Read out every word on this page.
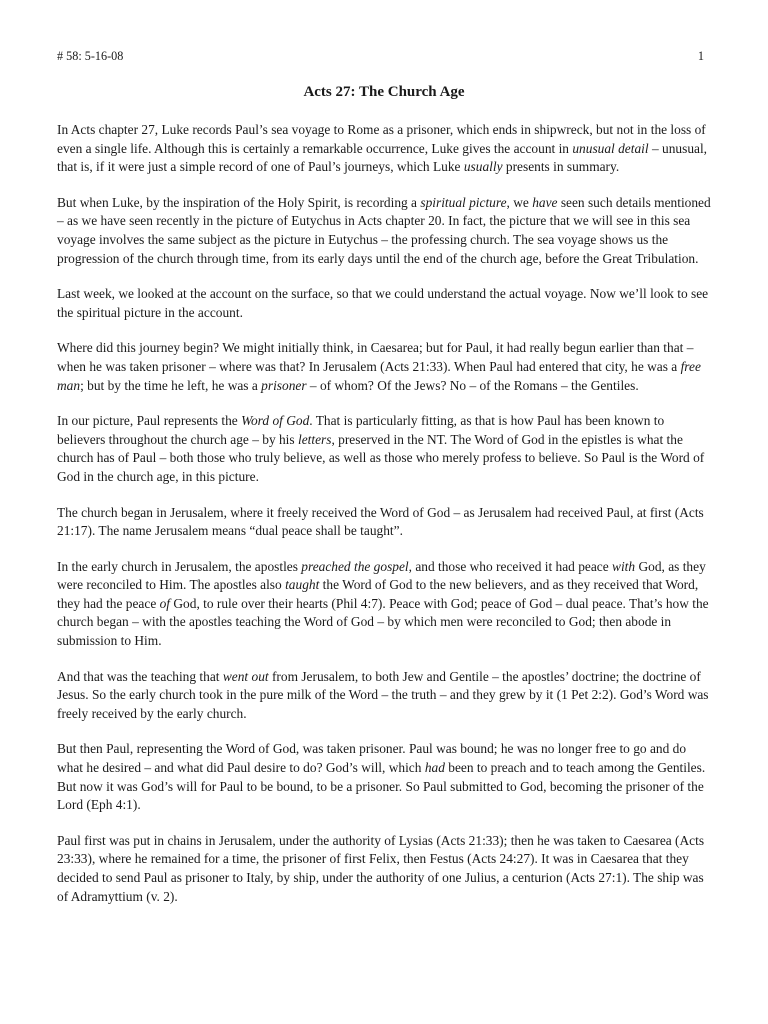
# 58: 5-16-08	1
Acts 27: The Church Age

In Acts chapter 27, Luke records Paul’s sea voyage to Rome as a prisoner, which ends in shipwreck, but not in the loss of even a single life. Although this is certainly a remarkable occurrence, Luke gives the account in unusual detail – unusual, that is, if it were just a simple record of one of Paul’s journeys, which Luke usually presents in summary.

But when Luke, by the inspiration of the Holy Spirit, is recording a spiritual picture, we have seen such details mentioned – as we have seen recently in the picture of Eutychus in Acts chapter 20. In fact, the picture that we will see in this sea voyage involves the same subject as the picture in Eutychus – the professing church. The sea voyage shows us the progression of the church through time, from its early days until the end of the church age, before the Great Tribulation.

Last week, we looked at the account on the surface, so that we could understand the actual voyage. Now we’ll look to see the spiritual picture in the account.

Where did this journey begin? We might initially think, in Caesarea; but for Paul, it had really begun earlier than that – when he was taken prisoner – where was that? In Jerusalem (Acts 21:33). When Paul had entered that city, he was a free man; but by the time he left, he was a prisoner – of whom? Of the Jews? No – of the Romans – the Gentiles.

In our picture, Paul represents the Word of God. That is particularly fitting, as that is how Paul has been known to believers throughout the church age – by his letters, preserved in the NT. The Word of God in the epistles is what the church has of Paul – both those who truly believe, as well as those who merely profess to believe. So Paul is the Word of God in the church age, in this picture.

The church began in Jerusalem, where it freely received the Word of God – as Jerusalem had received Paul, at first (Acts 21:17). The name Jerusalem means “dual peace shall be taught”.

In the early church in Jerusalem, the apostles preached the gospel, and those who received it had peace with God, as they were reconciled to Him. The apostles also taught the Word of God to the new believers, and as they received that Word, they had the peace of God, to rule over their hearts (Phil 4:7). Peace with God; peace of God – dual peace. That’s how the church began – with the apostles teaching the Word of God – by which men were reconciled to God; then abode in submission to Him.

And that was the teaching that went out from Jerusalem, to both Jew and Gentile – the apostles’ doctrine; the doctrine of Jesus. So the early church took in the pure milk of the Word – the truth – and they grew by it (1 Pet 2:2). God’s Word was freely received by the early church.

But then Paul, representing the Word of God, was taken prisoner. Paul was bound; he was no longer free to go and do what he desired – and what did Paul desire to do? God’s will, which had been to preach and to teach among the Gentiles. But now it was God’s will for Paul to be bound, to be a prisoner. So Paul submitted to God, becoming the prisoner of the Lord (Eph 4:1).

Paul first was put in chains in Jerusalem, under the authority of Lysias (Acts 21:33); then he was taken to Caesarea (Acts 23:33), where he remained for a time, the prisoner of first Felix, then Festus (Acts 24:27). It was in Caesarea that they decided to send Paul as prisoner to Italy, by ship, under the authority of one Julius, a centurion (Acts 27:1). The ship was of Adramyttium (v. 2).
